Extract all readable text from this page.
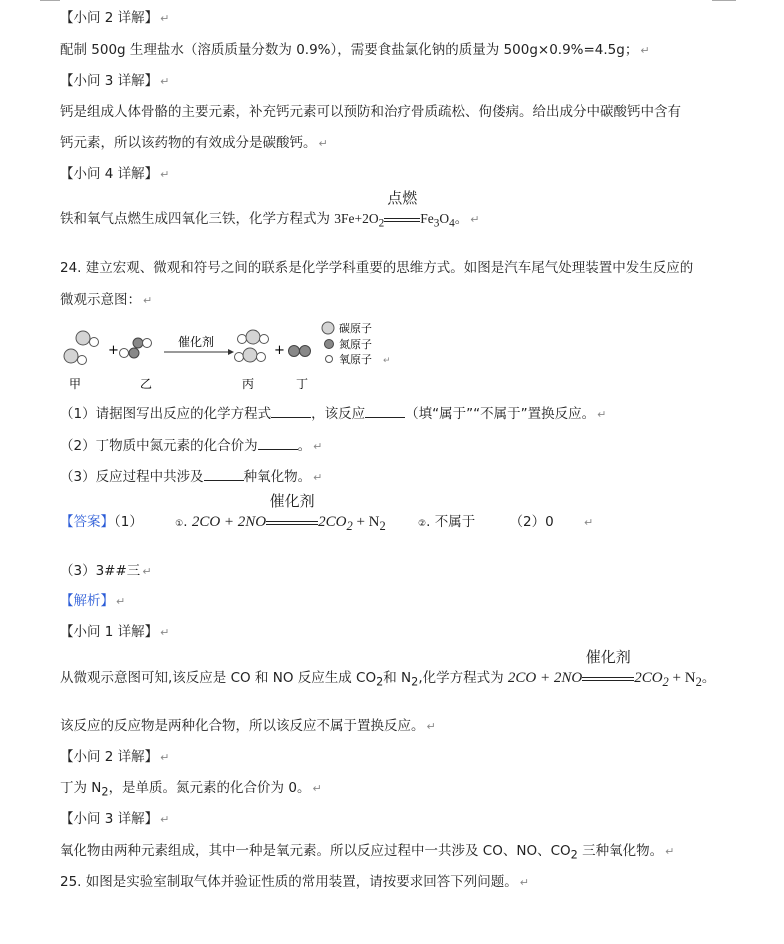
【小问 2 详解】 ↵
配制 500g 生理盐水（溶质质量分数为 0.9%），需要食盐氯化钠的质量为 500g×0.9%=4.5g； ↵
【小问 3 详解】 ↵
钙是组成人体骨骼的主要元素，补充钙元素可以预防和治疗骨质疏松、佝偻病。给出成分中碳酸钙中含有
钙元素，所以该药物的有效成分是碳酸钙。 ↵
【小问 4 详解】 ↵
铁和氧气点燃生成四氧化三铁，化学方程式为 $3Fe+2O_2$
点燃
$Fe_3O_4$。 ↵
24. 建立宏观、微观和符号之间的联系是化学学科重要的思维方式。如图是汽车尾气处理装置中发生反应的
微观示意图： ↵
+
催化剂
+
碳原子
氮原子
氧原子 ↵
甲	乙	丙	丁
（1）请据图写出反应的化学方程式	，该反应	（填“属于”“不属于”置换反应。 ↵
（2）丁物质中氮元素的化合价为	。 ↵
（3）反应过程中共涉及	种氧化物。 ↵
【答案】（1）	①. 2CO + 2NO
催化剂
$2CO_2 + N_2$	②. 不属于	（2）0	↵
（3）3##三 ↵
【解析】 ↵
【小问 1 详解】 ↵
从微观示意图可知,该反应是 CO 和 NO 反应生成 $CO_2$和 $N_2$,化学方程式为 2CO + 2NO
催化剂
$2CO_2 + N_2$。
该反应的反应物是两种化合物，所以该反应不属于置换反应。 ↵
【小问 2 详解】 ↵
丁为 $N_2$，是单质。氮元素的化合价为 0。 ↵
【小问 3 详解】 ↵
氧化物由两种元素组成，其中一种是氧元素。所以反应过程中一共涉及 CO、NO、$CO_2$ 三种氧化物。 ↵
25. 如图是实验室制取气体并验证性质的常用装置，请按要求回答下列问题。 ↵
